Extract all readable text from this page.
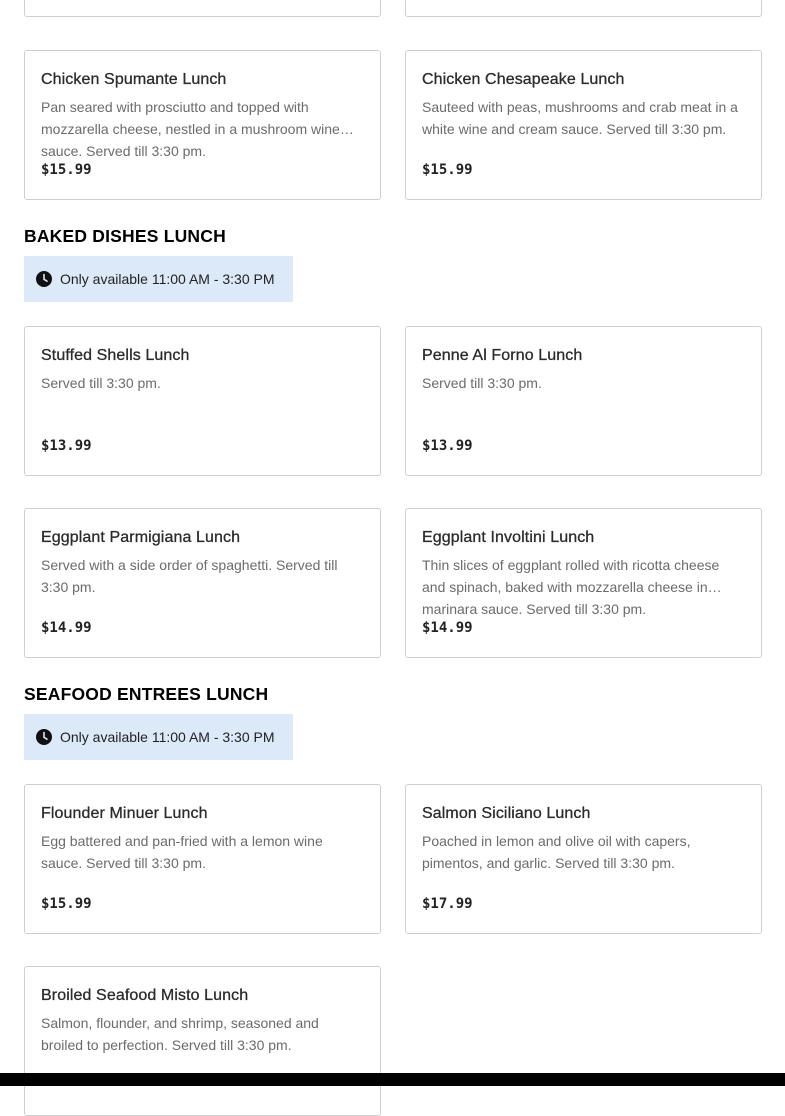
Chicken Spumante Lunch
Pan seared with prosciutto and topped with mozzarella cheese, nestled in a mushroom wine sauce. Served till 3:30 pm.
$15.99
Chicken Chesapeake Lunch
Sauteed with peas, mushrooms and crab meat in a white wine and cream sauce. Served till 3:30 pm.
$15.99
BAKED DISHES LUNCH
Only available 11:00 AM - 3:30 PM
Stuffed Shells Lunch
Served till 3:30 pm.
$13.99
Penne Al Forno Lunch
Served till 3:30 pm.
$13.99
Eggplant Parmigiana Lunch
Served with a side order of spaghetti. Served till 3:30 pm.
$14.99
Eggplant Involtini Lunch
Thin slices of eggplant rolled with ricotta cheese and spinach, baked with mozzarella cheese in marinara sauce. Served till 3:30 pm.
$14.99
SEAFOOD ENTREES LUNCH
Only available 11:00 AM - 3:30 PM
Flounder Minuer Lunch
Egg battered and pan-fried with a lemon wine sauce. Served till 3:30 pm.
$15.99
Salmon Siciliano Lunch
Poached in lemon and olive oil with capers, pimentos, and garlic. Served till 3:30 pm.
$17.99
Broiled Seafood Misto Lunch
Salmon, flounder, and shrimp, seasoned and broiled to perfection. Served till 3:30 pm.
